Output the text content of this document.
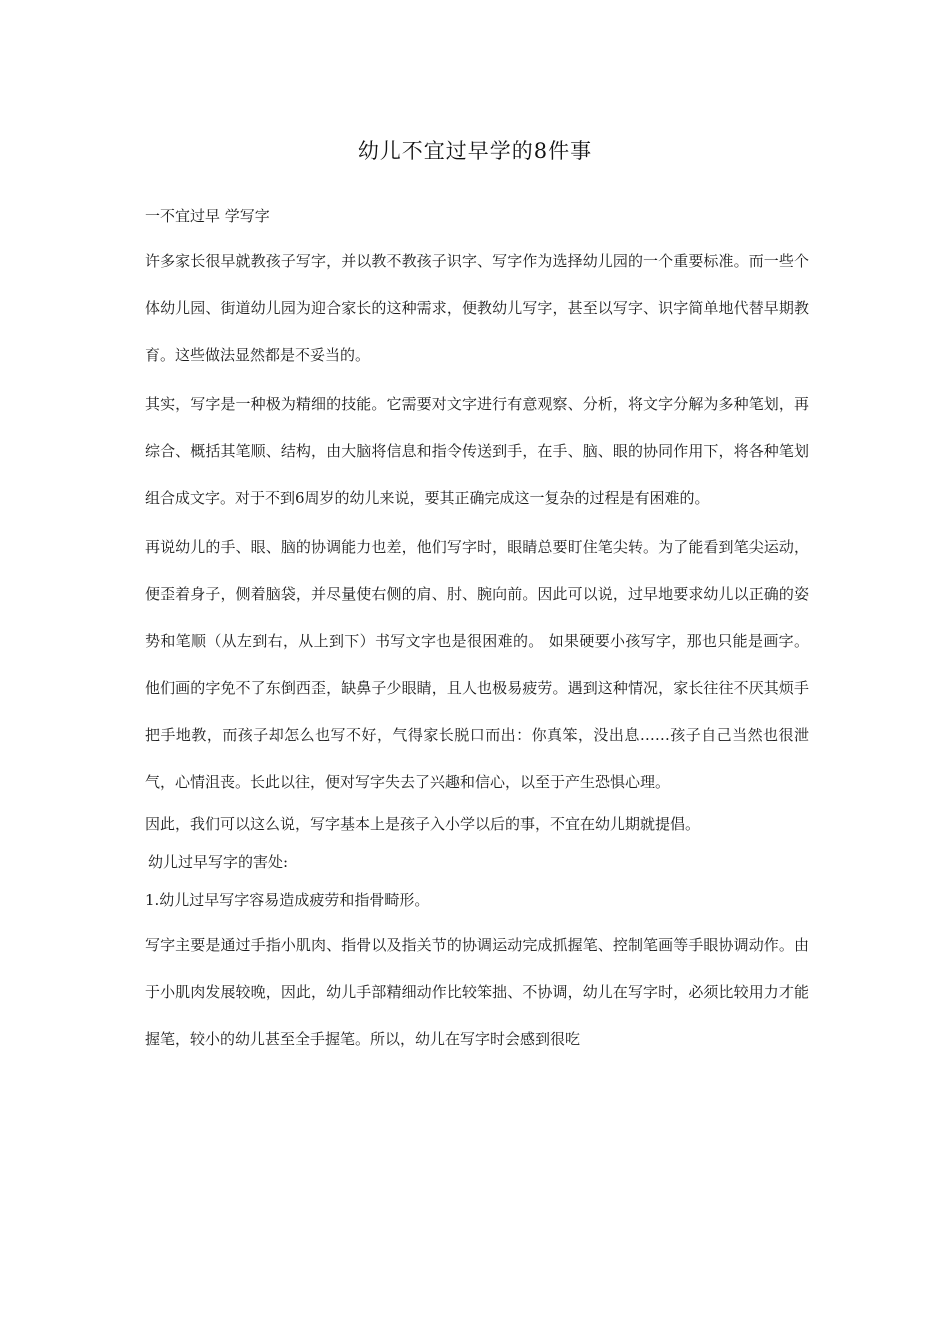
幼儿不宜过早学的8件事
一不宜过早 学写字

许多家长很早就教孩子写字，并以教不教孩子识字、写字作为选择幼儿园的一个重要标准。而一些个体幼儿园、街道幼儿园为迎合家长的这种需求，便教幼儿写字，甚至以写字、识字简单地代替早期教育。这些做法显然都是不妥当的。

其实，写字是一种极为精细的技能。它需要对文字进行有意观察、分析，将文字分解为多种笔划，再综合、概括其笔顺、结构，由大脑将信息和指令传送到手，在手、脑、眼的协同作用下，将各种笔划组合成文字。对于不到6周岁的幼儿来说，要其正确完成这一复杂的过程是有困难的。

再说幼儿的手、眼、脑的协调能力也差，他们写字时，眼睛总要盯住笔尖转。为了能看到笔尖运动，便歪着身子，侧着脑袋，并尽量使右侧的肩、肘、腕向前。因此可以说，过早地要求幼儿以正确的姿势和笔顺（从左到右，从上到下）书写文字也是很困难的。 如果硬要小孩写字，那也只能是画字。他们画的字免不了东倒西歪，缺鼻子少眼睛，且人也极易疲劳。遇到这种情况，家长往往不厌其烦手把手地教，而孩子却怎么也写不好，气得家长脱口而出：你真笨，没出息……孩子自己当然也很泄气，心情沮丧。长此以往，便对写字失去了兴趣和信心，以至于产生恐惧心理。

因此，我们可以这么说，写字基本上是孩子入小学以后的事，不宜在幼儿期就提倡。

幼儿过早写字的害处:
1.幼儿过早写字容易造成疲劳和指骨畸形。

写字主要是通过手指小肌肉、指骨以及指关节的协调运动完成抓握笔、控制笔画等手眼协调动作。由于小肌肉发展较晚，因此，幼儿手部精细动作比较笨拙、不协调，幼儿在写字时，必须比较用力才能握笔，较小的幼儿甚至全手握笔。所以，幼儿在写字时会感到很吃
